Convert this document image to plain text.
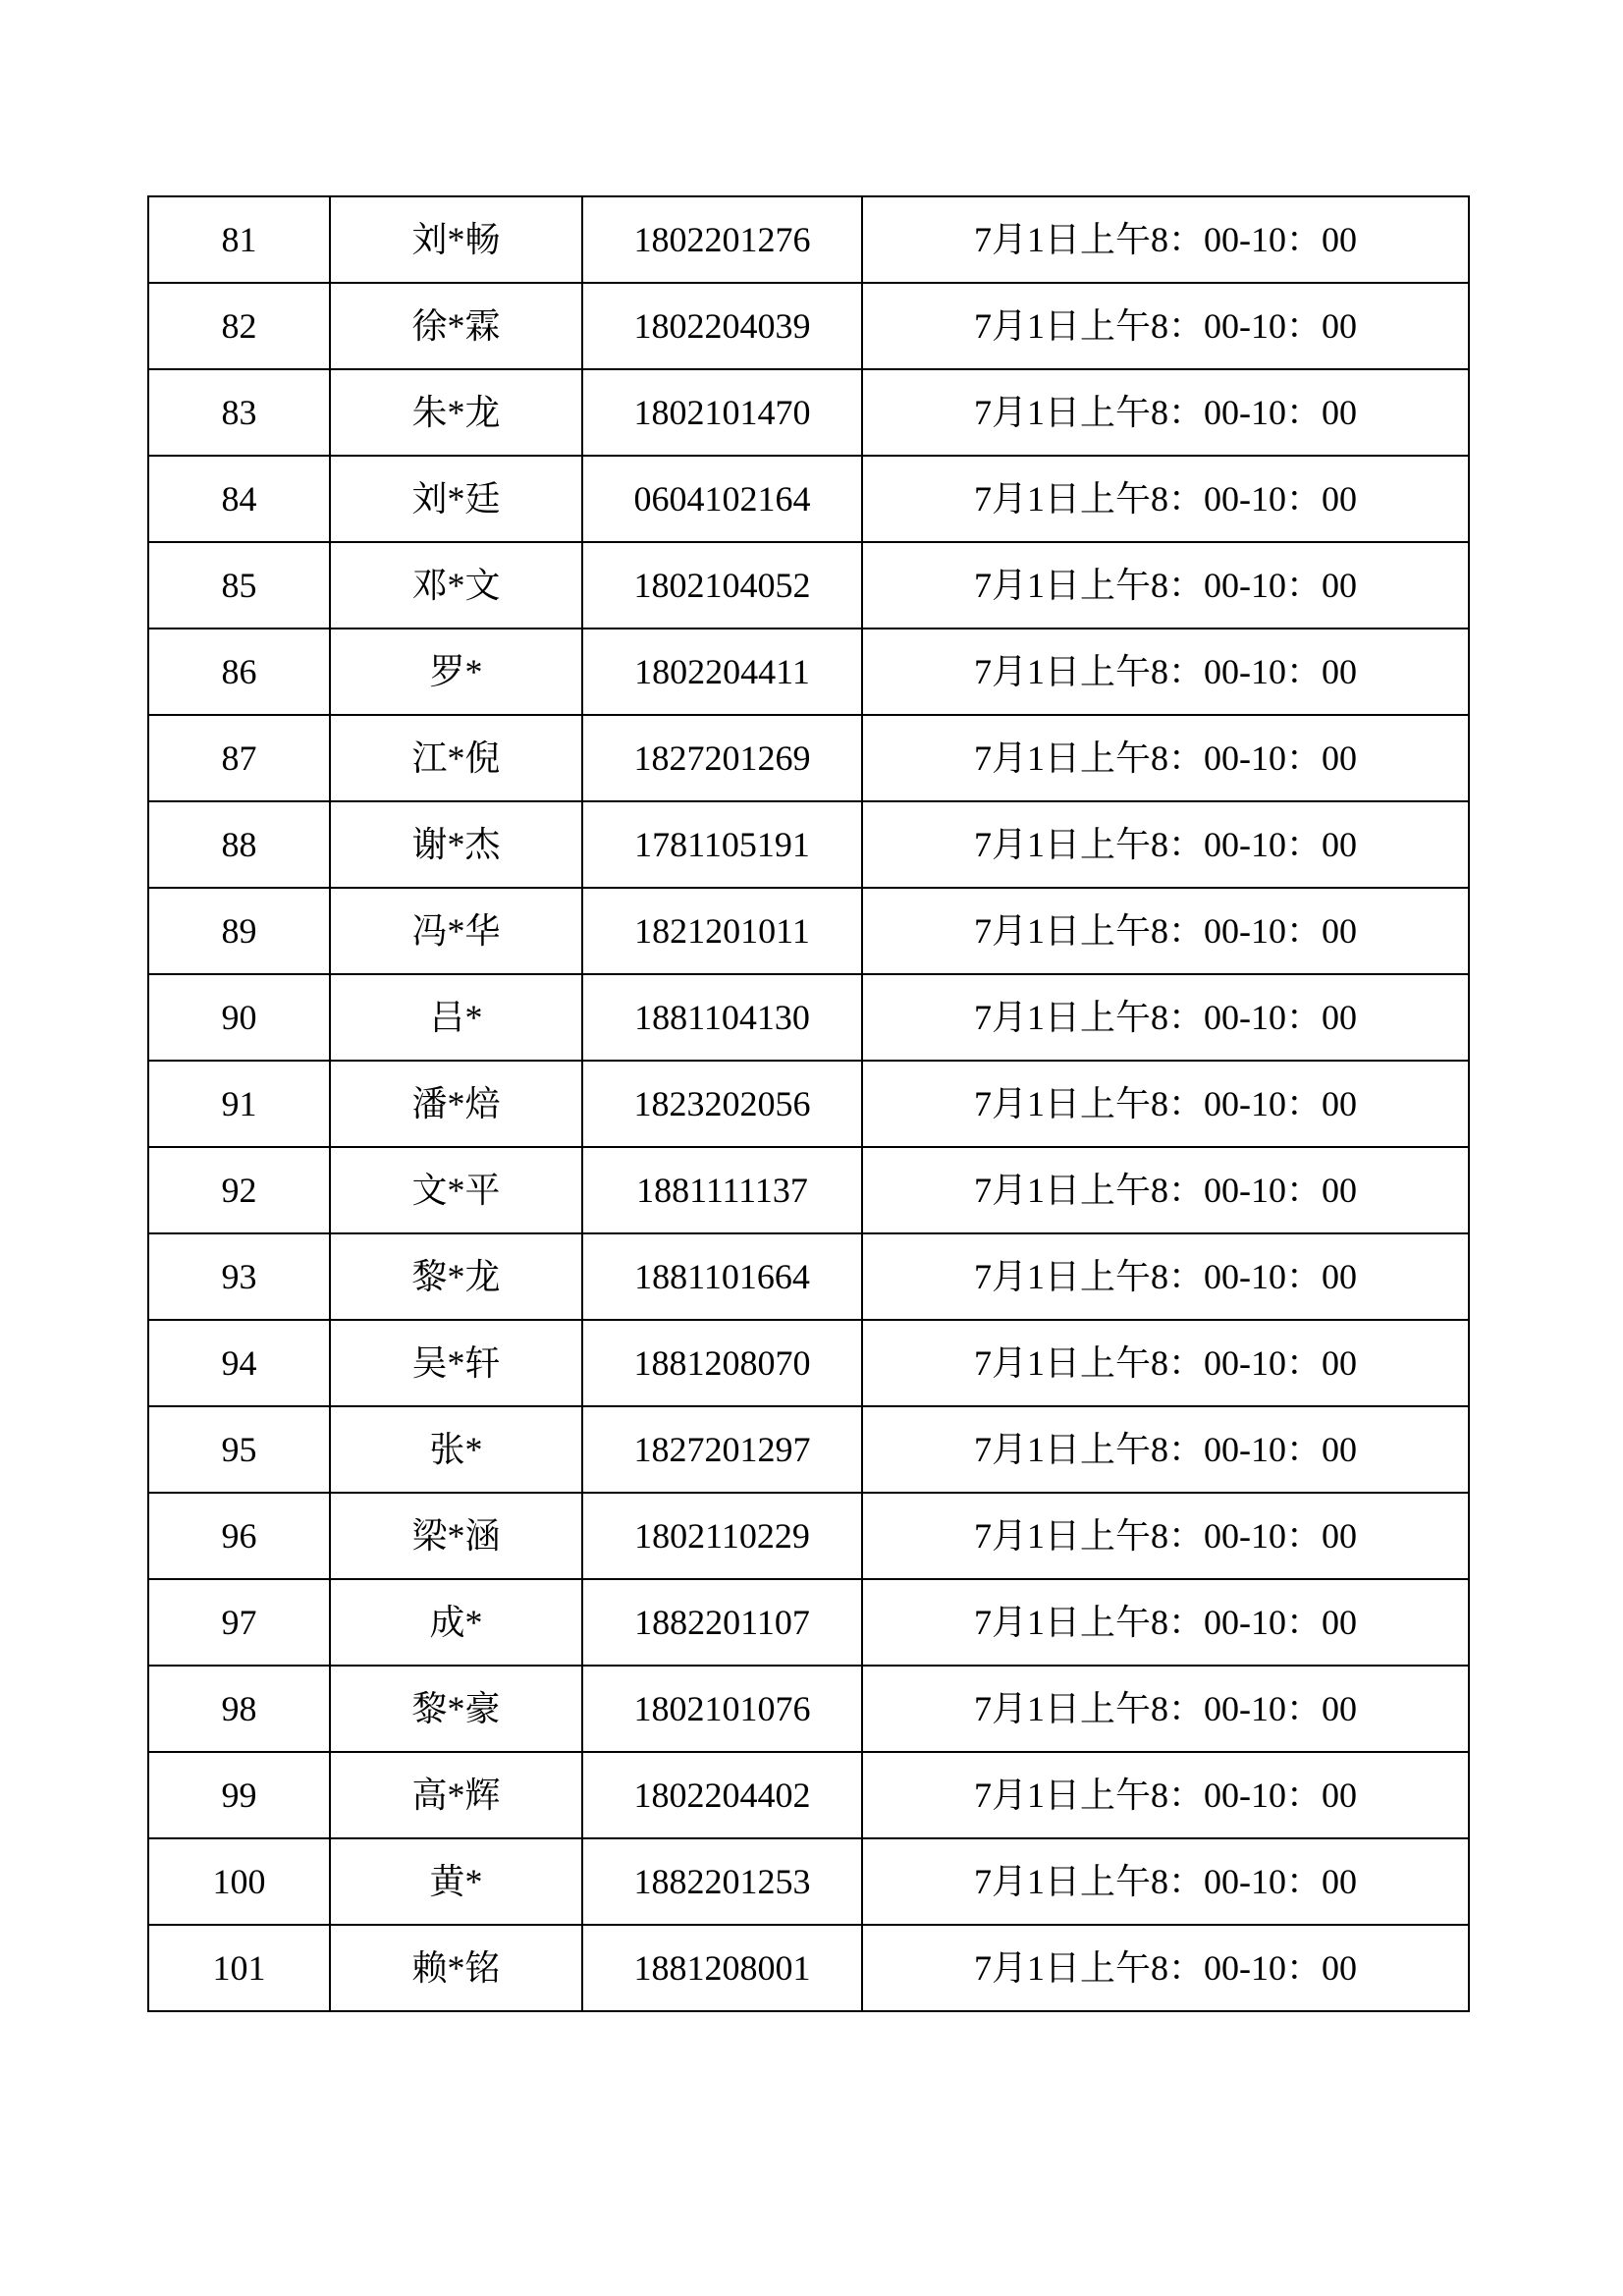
81	刘*畅	1802201276	7月1日上午8：00-10：00
82	徐*霖	1802204039	7月1日上午8：00-10：00
83	朱*龙	1802101470	7月1日上午8：00-10：00
84	刘*廷	0604102164	7月1日上午8：00-10：00
85	邓*文	1802104052	7月1日上午8：00-10：00
86	罗*	1802204411	7月1日上午8：00-10：00
87	江*倪	1827201269	7月1日上午8：00-10：00
88	谢*杰	1781105191	7月1日上午8：00-10：00
89	冯*华	1821201011	7月1日上午8：00-10：00
90	吕*	1881104130	7月1日上午8：00-10：00
91	潘*焙	1823202056	7月1日上午8：00-10：00
92	文*平	1881111137	7月1日上午8：00-10：00
93	黎*龙	1881101664	7月1日上午8：00-10：00
94	吴*轩	1881208070	7月1日上午8：00-10：00
95	张*	1827201297	7月1日上午8：00-10：00
96	梁*涵	1802110229	7月1日上午8：00-10：00
97	成*	1882201107	7月1日上午8：00-10：00
98	黎*豪	1802101076	7月1日上午8：00-10：00
99	高*辉	1802204402	7月1日上午8：00-10：00
100	黄*	1882201253	7月1日上午8：00-10：00
101	赖*铭	1881208001	7月1日上午8：00-10：00
